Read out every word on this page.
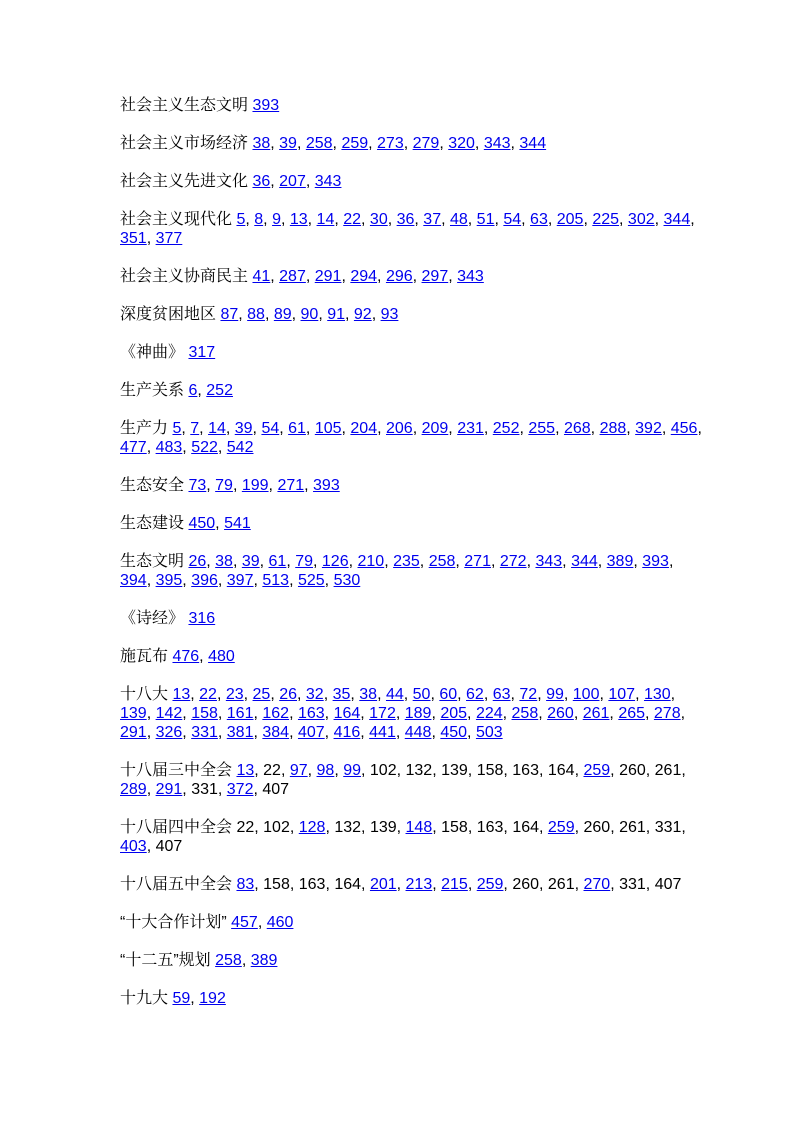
社会主义生态文明 393

社会主义市场经济 38, 39, 258, 259, 273, 279, 320, 343, 344

社会主义先进文化 36, 207, 343

社会主义现代化 5, 8, 9, 13, 14, 22, 30, 36, 37, 48, 51, 54, 63, 205, 225, 302, 344, 351, 377

社会主义协商民主 41, 287, 291, 294, 296, 297, 343

深度贫困地区 87, 88, 89, 90, 91, 92, 93

《神曲》 317

生产关系 6, 252

生产力 5, 7, 14, 39, 54, 61, 105, 204, 206, 209, 231, 252, 255, 268, 288, 392, 456, 477, 483, 522, 542

生态安全 73, 79, 199, 271, 393

生态建设 450, 541

生态文明 26, 38, 39, 61, 79, 126, 210, 235, 258, 271, 272, 343, 344, 389, 393, 394, 395, 396, 397, 513, 525, 530

《诗经》 316

施瓦布 476, 480

十八大 13, 22, 23, 25, 26, 32, 35, 38, 44, 50, 60, 62, 63, 72, 99, 100, 107, 130, 139, 142, 158, 161, 162, 163, 164, 172, 189, 205, 224, 258, 260, 261, 265, 278, 291, 326, 331, 381, 384, 407, 416, 441, 448, 450, 503

十八届三中全会 13, 22, 97, 98, 99, 102, 132, 139, 158, 163, 164, 259, 260, 261, 289, 291, 331, 372, 407

十八届四中全会 22, 102, 128, 132, 139, 148, 158, 163, 164, 259, 260, 261, 331, 403, 407

十八届五中全会 83, 158, 163, 164, 201, 213, 215, 259, 260, 261, 270, 331, 407

“十大合作计划” 457, 460

“十二五”规划 258, 389

十九大 59, 192
